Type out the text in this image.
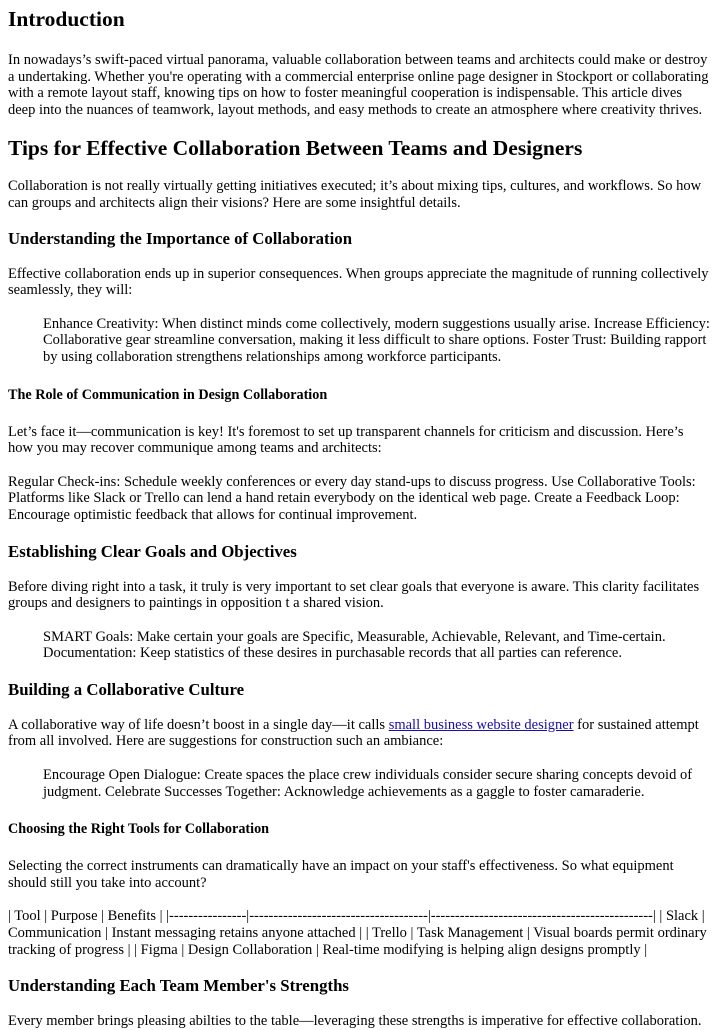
Introduction

In nowadays’s swift-paced virtual panorama, valuable collaboration between teams and architects could make or destroy a undertaking. Whether you're operating with a commercial enterprise online page designer in Stockport or collaborating with a remote layout staff, knowing tips on how to foster meaningful cooperation is indispensable. This article dives deep into the nuances of teamwork, layout methods, and easy methods to create an atmosphere where creativity thrives.

Tips for Effective Collaboration Between Teams and Designers

Collaboration is not really virtually getting initiatives executed; it’s about mixing tips, cultures, and workflows. So how can groups and architects align their visions? Here are some insightful details.

Understanding the Importance of Collaboration

Effective collaboration ends up in superior consequences. When groups appreciate the magnitude of running collectively seamlessly, they will:

Enhance Creativity: When distinct minds come collectively, modern suggestions usually arise. Increase Efficiency: Collaborative gear streamline conversation, making it less difficult to share options. Foster Trust: Building rapport by using collaboration strengthens relationships among workforce participants.

The Role of Communication in Design Collaboration

Let’s face it—communication is key! It's foremost to set up transparent channels for criticism and discussion. Here’s how you may recover communique among teams and architects:

Regular Check-ins: Schedule weekly conferences or every day stand-ups to discuss progress. Use Collaborative Tools: Platforms like Slack or Trello can lend a hand retain everybody on the identical web page. Create a Feedback Loop: Encourage optimistic feedback that allows for continual improvement.

Establishing Clear Goals and Objectives

Before diving right into a task, it truly is very important to set clear goals that everyone is aware. This clarity facilitates groups and designers to paintings in opposition t a shared vision.

SMART Goals: Make certain your goals are Specific, Measurable, Achievable, Relevant, and Time-certain. Documentation: Keep statistics of these desires in purchasable records that all parties can reference.

Building a Collaborative Culture

A collaborative way of life doesn’t boost in a single day—it calls small business website designer for sustained attempt from all involved. Here are suggestions for construction such an ambiance:

Encourage Open Dialogue: Create spaces the place crew individuals consider secure sharing concepts devoid of judgment. Celebrate Successes Together: Acknowledge achievements as a gaggle to foster camaraderie.

Choosing the Right Tools for Collaboration

Selecting the correct instruments can dramatically have an impact on your staff's effectiveness. So what equipment should still you take into account?

| Tool | Purpose | Benefits | |----------------|-------------------------------------|----------------------------------------------| | Slack | Communication | Instant messaging retains anyone attached | | Trello | Task Management | Visual boards permit ordinary tracking of progress | | Figma | Design Collaboration | Real-time modifying is helping align designs promptly |

Understanding Each Team Member's Strengths

Every member brings pleasing abilties to the table—leveraging these strengths is imperative for effective collaboration.
